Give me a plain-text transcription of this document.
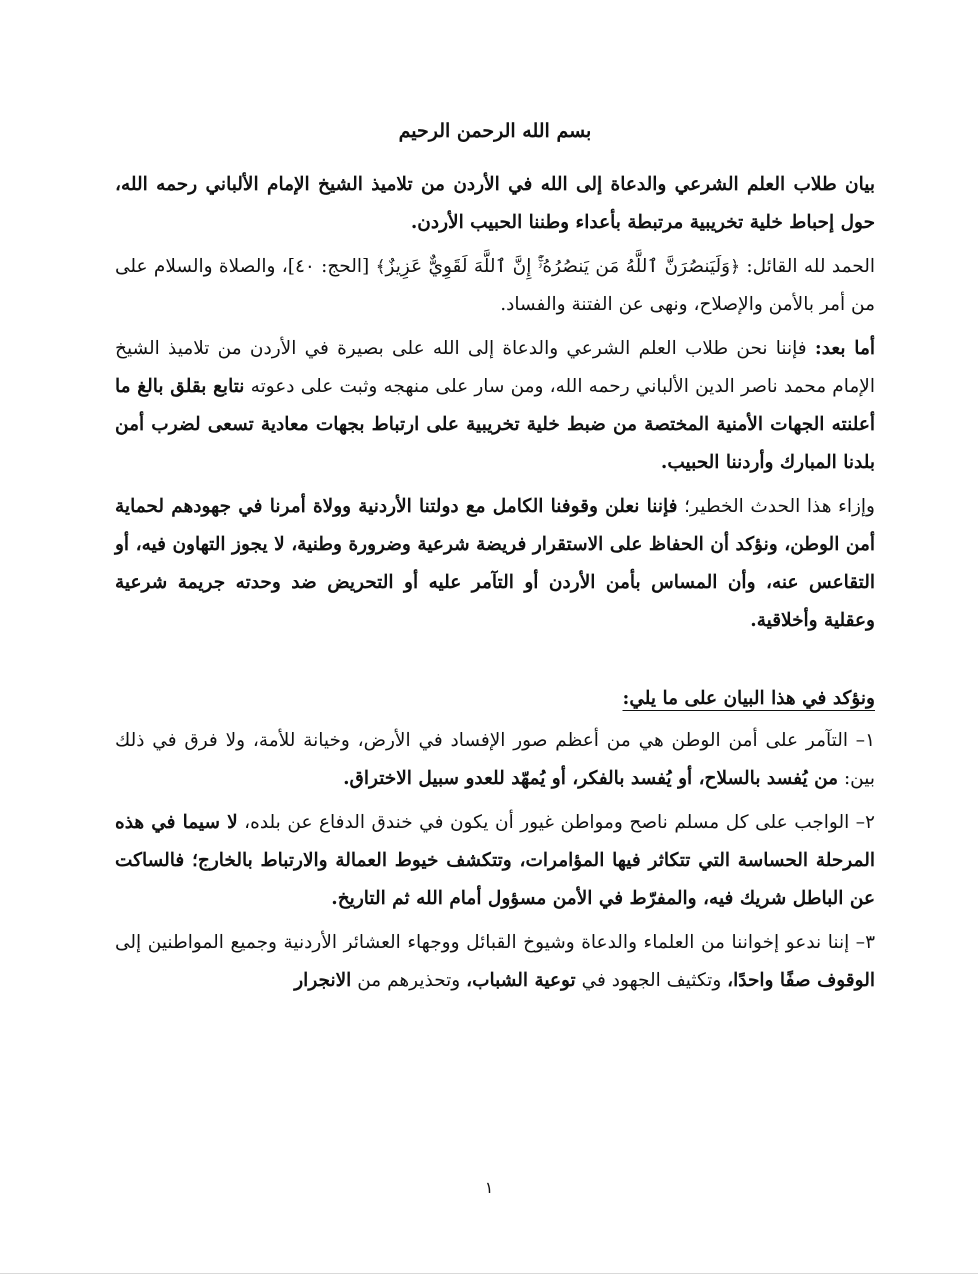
بسم الله الرحمن الرحيم

بيان طلاب العلم الشرعي والدعاة إلى الله في الأردن من تلاميذ الشيخ الإمام الألباني رحمه الله، حول إحباط خلية تخريبية مرتبطة بأعداء وطننا الحبيب الأردن.

الحمد لله القائل: ﴿وَلَيَنصُرَنَّ ٱللَّهُ مَن يَنصُرُهُۥٓۚ إِنَّ ٱللَّهَ لَقَوِيٌّ عَزِيزٌ﴾ [الحج: ٤٠]، والصلاة والسلام على من أمر بالأمن والإصلاح، ونهى عن الفتنة والفساد.

أما بعد: فإننا نحن طلاب العلم الشرعي والدعاة إلى الله على بصيرة في الأردن من تلاميذ الشيخ الإمام محمد ناصر الدين الألباني رحمه الله، ومن سار على منهجه وثبت على دعوته نتابع بقلق بالغ ما أعلنته الجهات الأمنية المختصة من ضبط خلية تخريبية على ارتباط بجهات معادية تسعى لضرب أمن بلدنا المبارك وأردننا الحبيب.

وإزاء هذا الحدث الخطير؛ فإننا نعلن وقوفنا الكامل مع دولتنا الأردنية وولاة أمرنا في جهودهم لحماية أمن الوطن، ونؤكد أن الحفاظ على الاستقرار فريضة شرعية وضرورة وطنية، لا يجوز التهاون فيه، أو التقاعس عنه، وأن المساس بأمن الأردن أو التآمر عليه أو التحريض ضد وحدته جريمة شرعية وعقلية وأخلاقية.

ونؤكد في هذا البيان على ما يلي:

١– التآمر على أمن الوطن هي من أعظم صور الإفساد في الأرض، وخيانة للأمة، ولا فرق في ذلك بين: من يُفسد بالسلاح، أو يُفسد بالفكر، أو يُمهّد للعدو سبيل الاختراق.

٢– الواجب على كل مسلم ناصح ومواطن غيور أن يكون في خندق الدفاع عن بلده، لا سيما في هذه المرحلة الحساسة التي تتكاثر فيها المؤامرات، وتتكشف خيوط العمالة والارتباط بالخارج؛ فالساكت عن الباطل شريك فيه، والمفرّط في الأمن مسؤول أمام الله ثم التاريخ.

٣– إننا ندعو إخواننا من العلماء والدعاة وشيوخ القبائل ووجهاء العشائر الأردنية وجميع المواطنين إلى الوقوف صفًا واحدًا، وتكثيف الجهود في توعية الشباب، وتحذيرهم من الانجرار

١
